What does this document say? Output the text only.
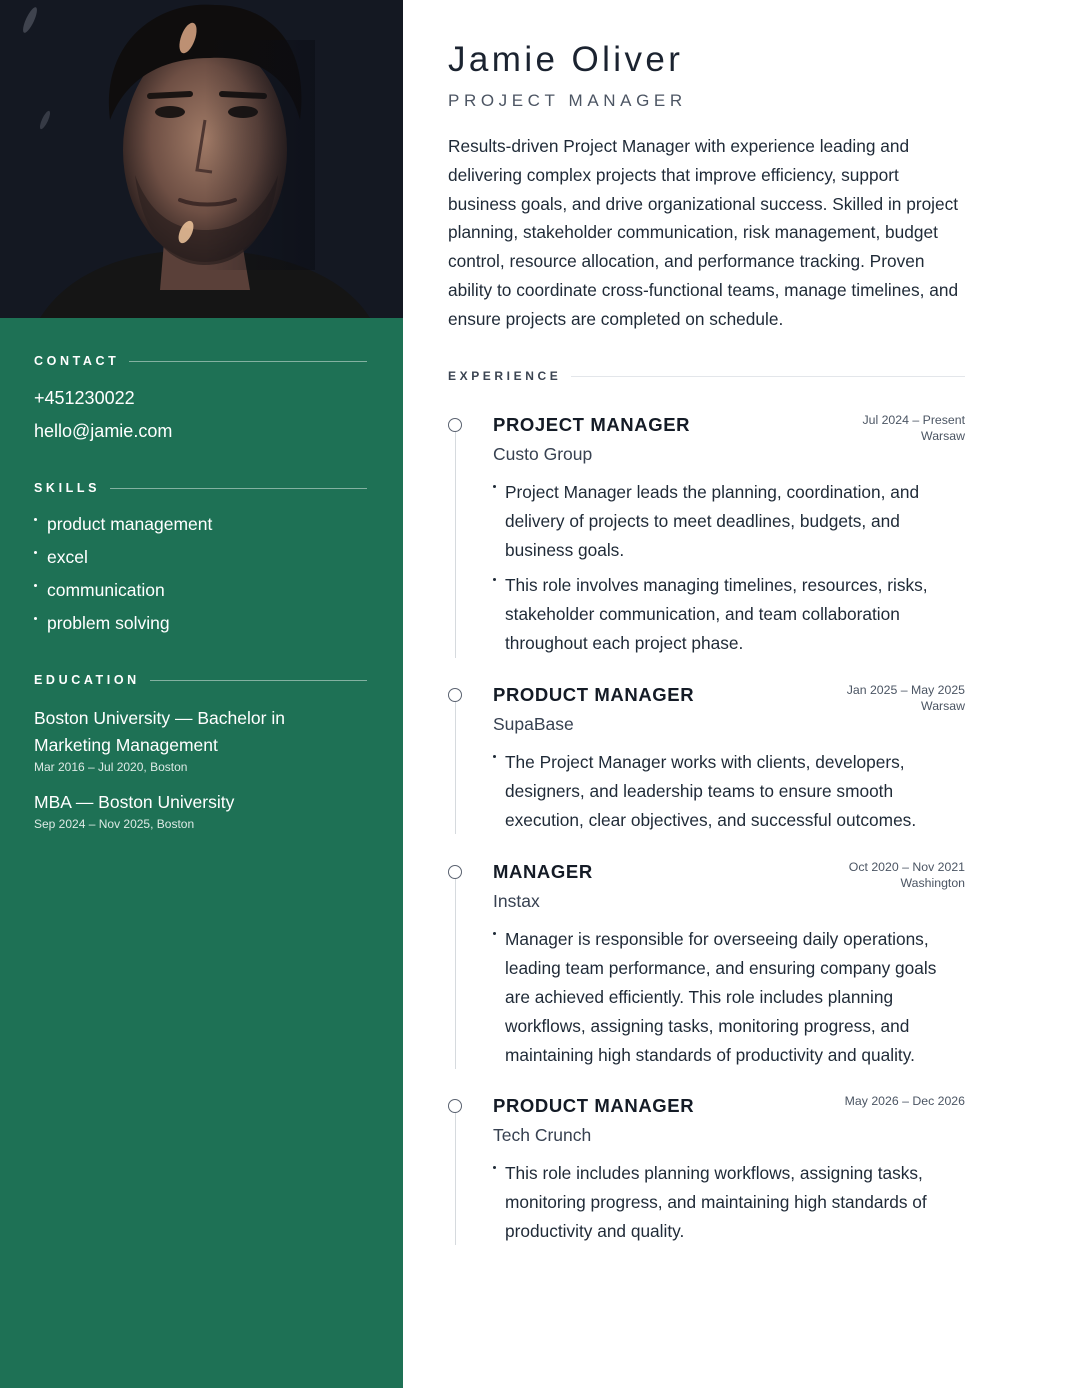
CONTACT
+451230022
hello@jamie.com
SKILLS
product management
excel
communication
problem solving
EDUCATION
Boston University — Bachelor in Marketing Management
Mar 2016 – Jul 2020, Boston
MBA — Boston University
Sep 2024 – Nov 2025, Boston
Jamie Oliver
PROJECT MANAGER

Results-driven Project Manager with experience leading and delivering complex projects that improve efficiency, support business goals, and drive organizational success. Skilled in project planning, stakeholder communication, risk management, budget control, resource allocation, and performance tracking. Proven ability to coordinate cross-functional teams, manage timelines, and ensure projects are completed on schedule.

EXPERIENCE
PROJECT MANAGER	Jul 2024 – Present
Warsaw
Custo Group
Project Manager leads the planning, coordination, and delivery of projects to meet deadlines, budgets, and business goals.
This role involves managing timelines, resources, risks, stakeholder communication, and team collaboration throughout each project phase.
PRODUCT MANAGER	Jan 2025 – May 2025
Warsaw
SupaBase
The Project Manager works with clients, developers, designers, and leadership teams to ensure smooth execution, clear objectives, and successful outcomes.
MANAGER	Oct 2020 – Nov 2021
Washington
Instax
Manager is responsible for overseeing daily operations, leading team performance, and ensuring company goals are achieved efficiently. This role includes planning workflows, assigning tasks, monitoring progress, and maintaining high standards of productivity and quality.
PRODUCT MANAGER	May 2026 – Dec 2026
Tech Crunch
This role includes planning workflows, assigning tasks, monitoring progress, and maintaining high standards of productivity and quality.
